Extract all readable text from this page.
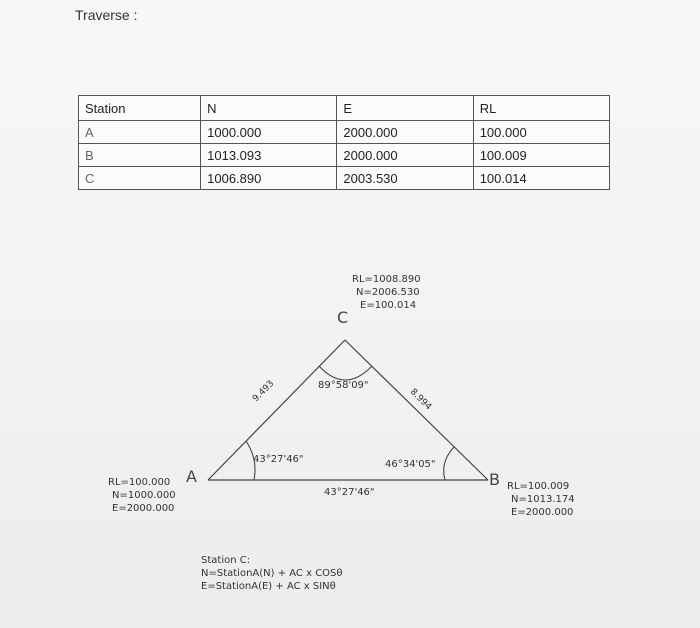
Traverse :
Station	N	E	RL
A	1000.000	2000.000	100.000
B	1013.093	2000.000	100.009
C	1006.890	2003.530	100.014
9.493	8.994
RL=1008.890
N=2006.530
E=100.014
C
89°58'09"
43°27'46"	46°34'05"
43°27'46"
A
RL=100.000
N=1000.000
E=2000.000
B RL=100.009
N=1013.174
E=2000.000
Station C:
N=StationA(N) + AC x COSθ
E=StationA(E) + AC x SINθ
